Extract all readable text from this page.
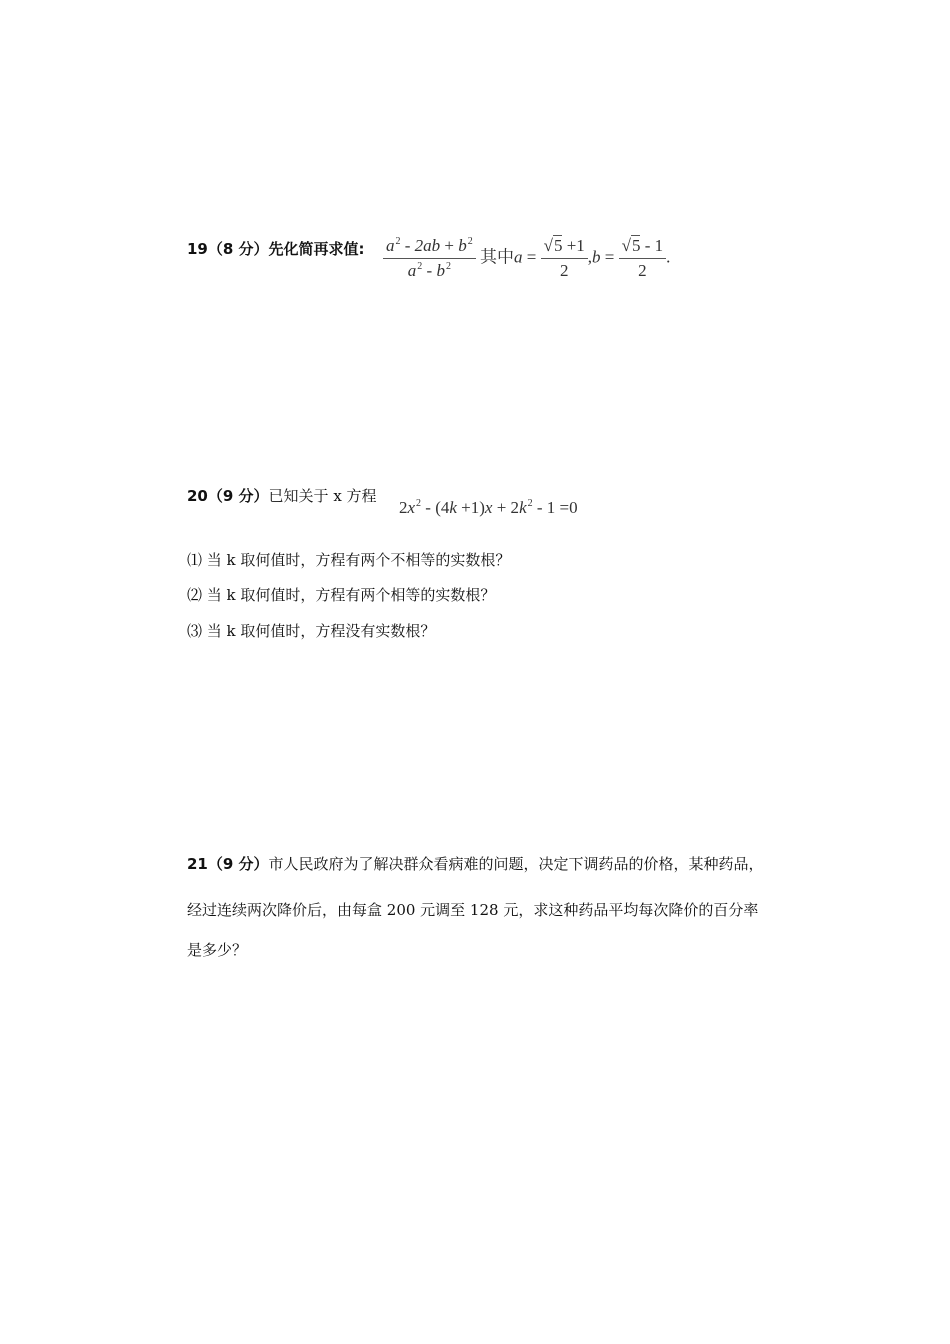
19（8 分）先化简再求值: $\frac{a^2 - 2ab + b^2}{a^2 - b^2}$ 其中$a = \frac{√5 +1}{2} ,b = \frac{√5 - 1}{2}$ .
20（9 分）已知关于 x 方程
$2x^2 - (4k +1)x + 2k^2 - 1 =0$
⑴ 当 k 取何值时，方程有两个不相等的实数根？
⑵ 当 k 取何值时，方程有两个相等的实数根？
⑶ 当 k 取何值时，方程没有实数根？
21（9 分）市人民政府为了解决群众看病难的问题，决定下调药品的价格，某种药品，
经过连续两次降价后，由每盒 200 元调至 128 元，求这种药品平均每次降价的百分率
是多少？
